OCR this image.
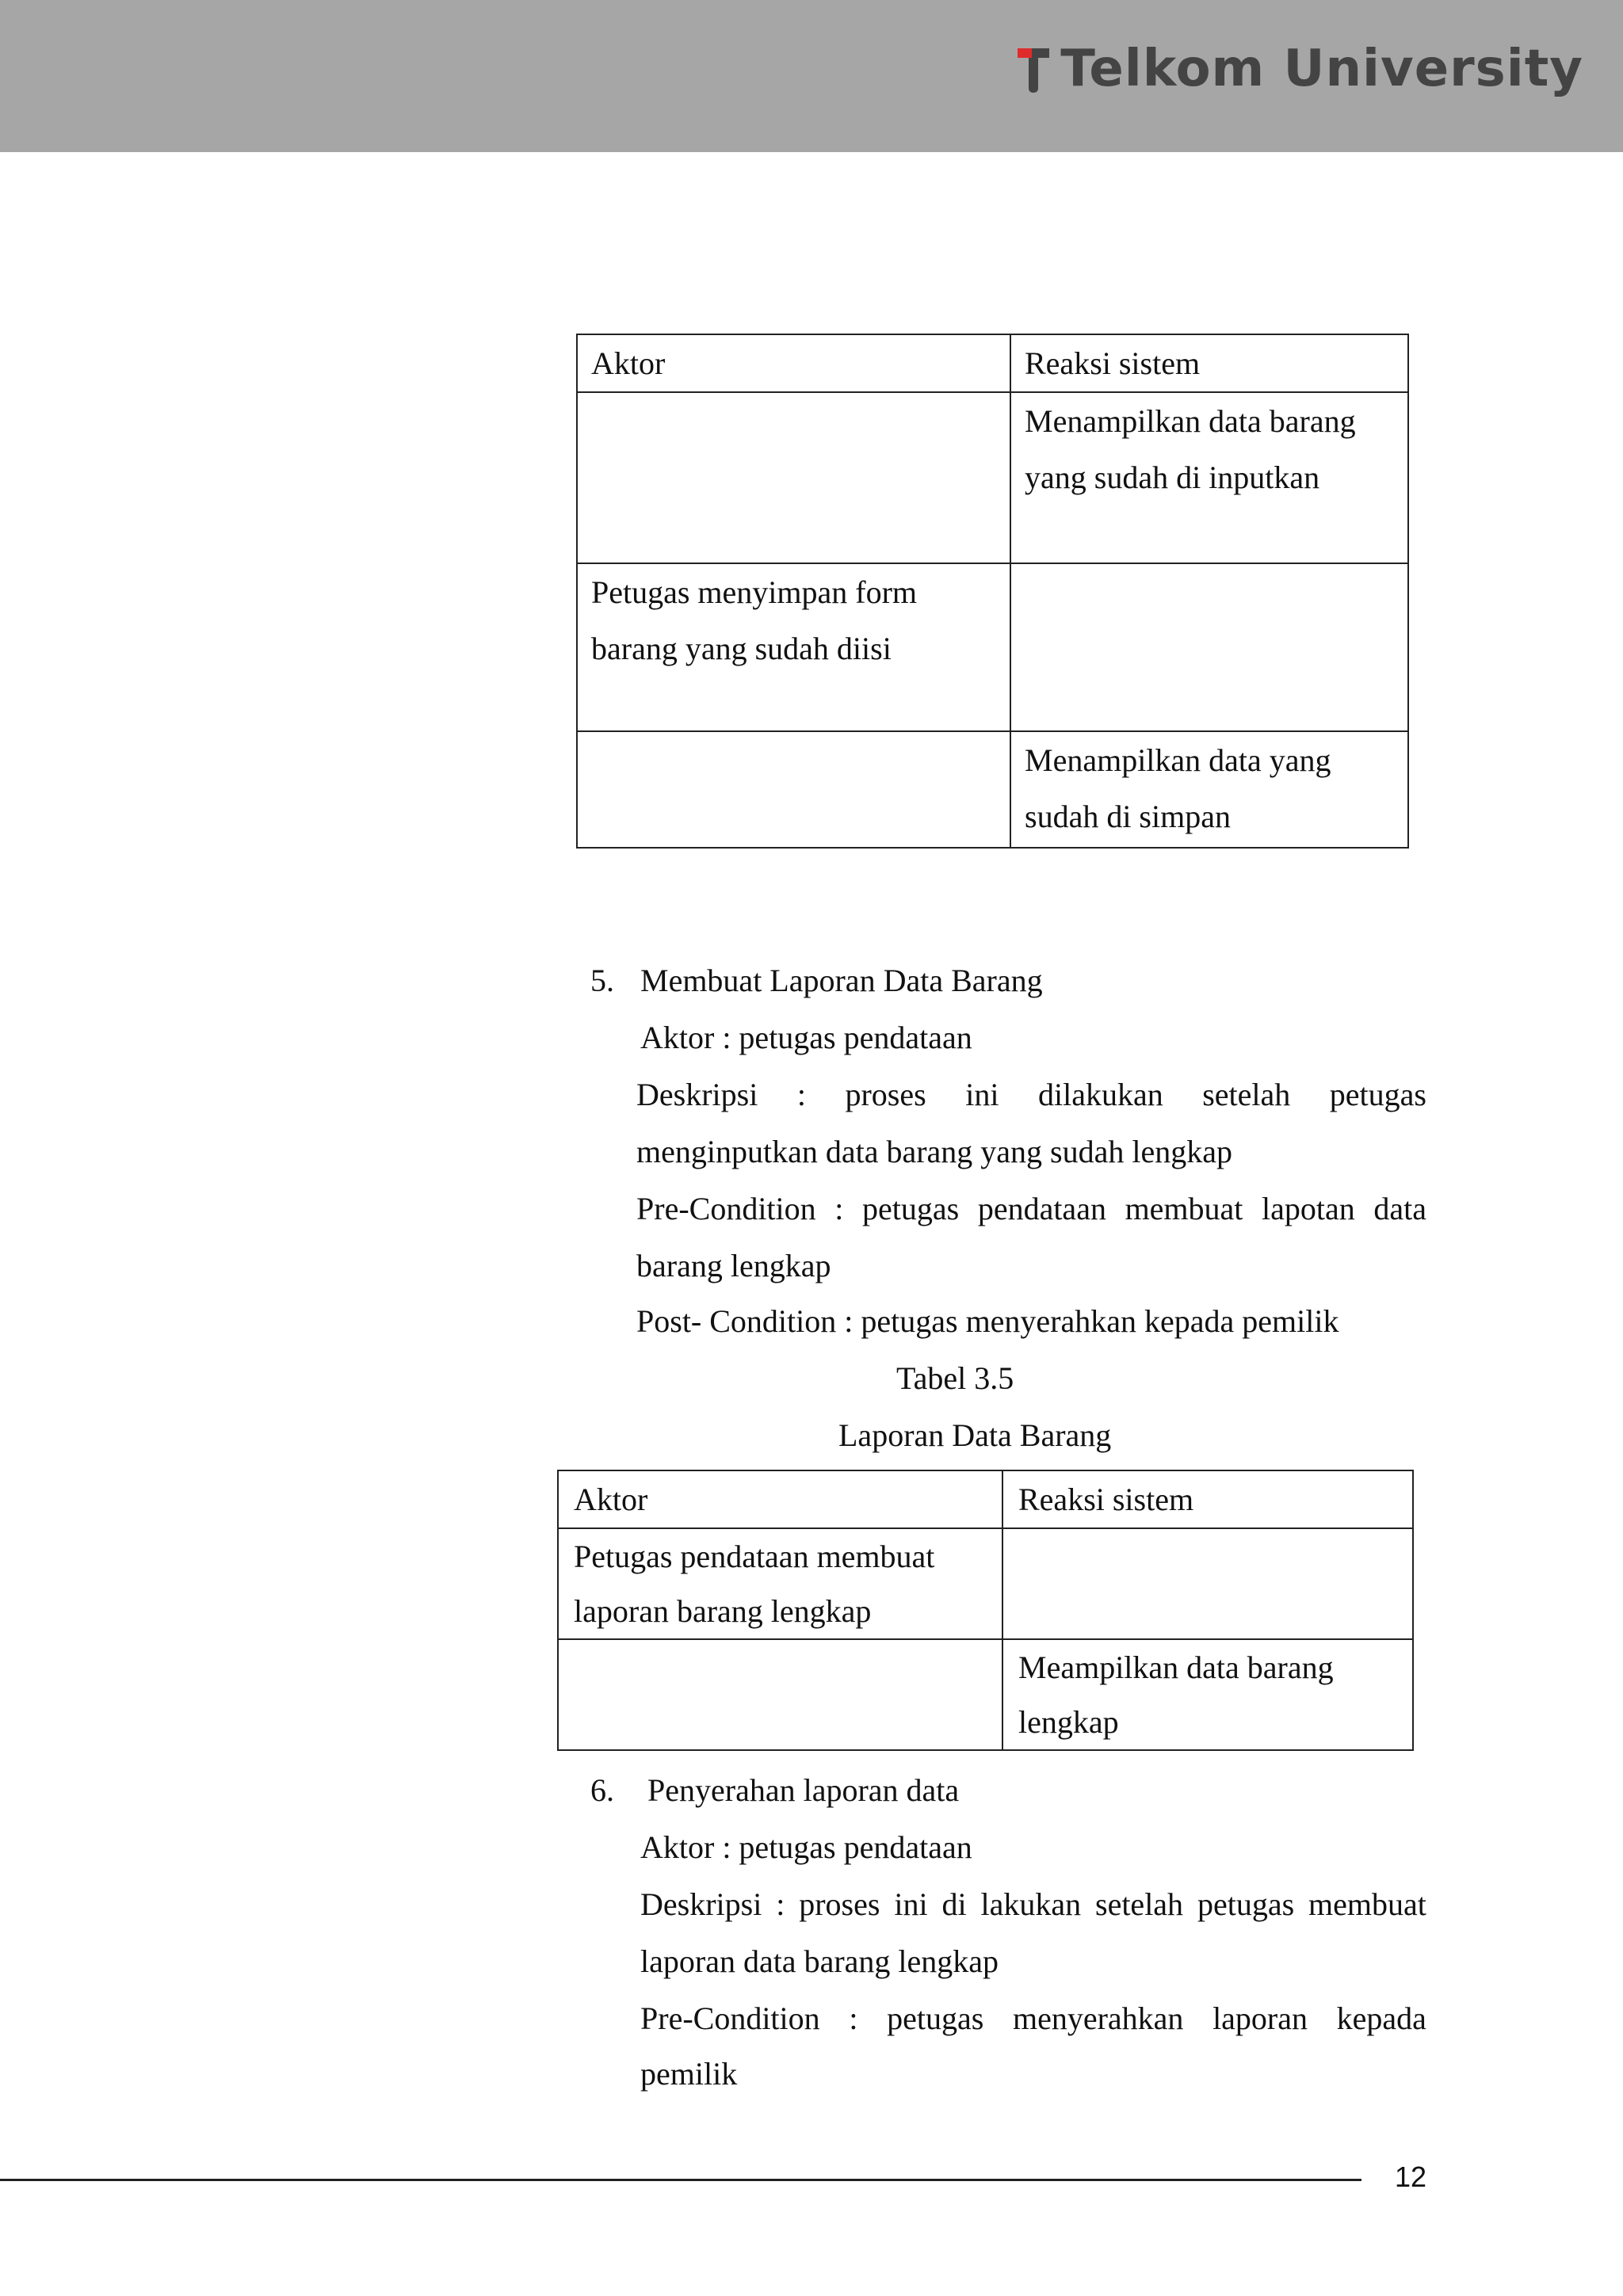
Telkom University
Aktor	Reaksi sistem

	Menampilkan data barang
yang sudah di inputkan

Petugas menyimpan form
barang yang sudah diisi	

	Menampilkan data yang
sudah di simpan
5. Membuat Laporan Data Barang
Aktor : petugas pendataan
Deskripsi : proses ini dilakukan setelah petugas
menginputkan data barang yang sudah lengkap
Pre-Condition : petugas pendataan membuat lapotan data
barang lengkap
Post- Condition : petugas menyerahkan kepada pemilik
Tabel 3.5
Laporan Data Barang
Aktor	Reaksi sistem

Petugas pendataan membuat
laporan barang lengkap	

	Meampilkan data barang
lengkap
6. Penyerahan laporan data
Aktor : petugas pendataan
Deskripsi : proses ini di lakukan setelah petugas membuat
laporan data barang lengkap
Pre-Condition : petugas menyerahkan laporan kepada
pemilik
12
